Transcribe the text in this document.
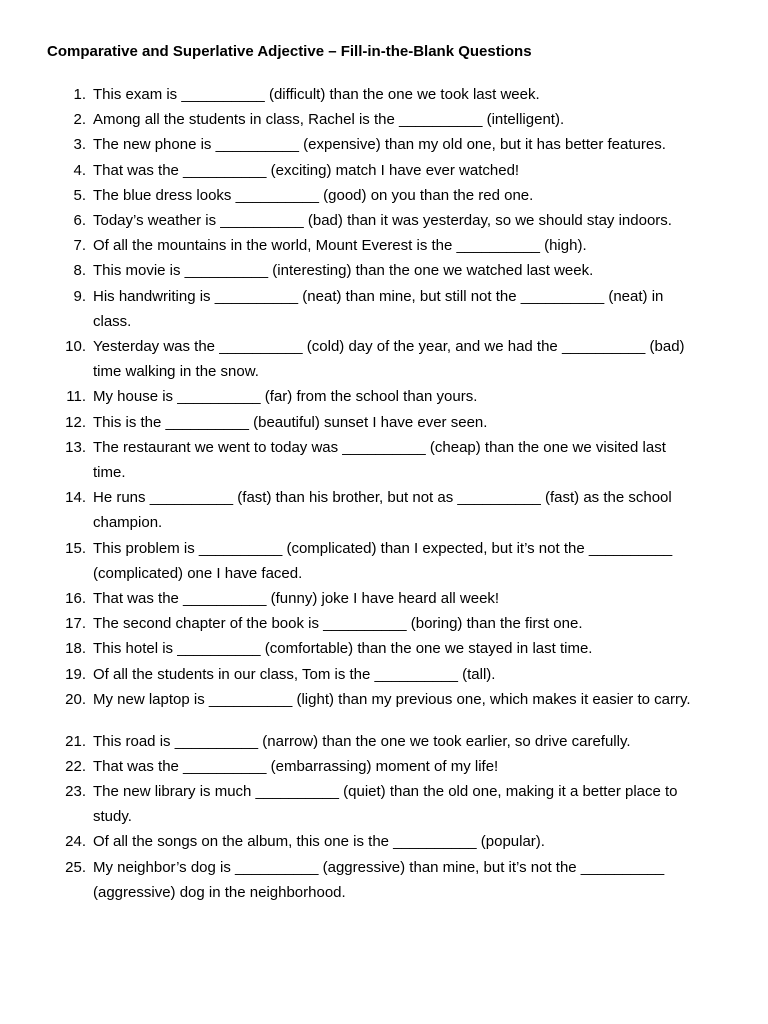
Comparative and Superlative Adjective – Fill-in-the-Blank Questions
1. This exam is __________ (difficult) than the one we took last week.
2. Among all the students in class, Rachel is the __________ (intelligent).
3. The new phone is __________ (expensive) than my old one, but it has better features.
4. That was the __________ (exciting) match I have ever watched!
5. The blue dress looks __________ (good) on you than the red one.
6. Today’s weather is __________ (bad) than it was yesterday, so we should stay indoors.
7. Of all the mountains in the world, Mount Everest is the __________ (high).
8. This movie is __________ (interesting) than the one we watched last week.
9. His handwriting is __________ (neat) than mine, but still not the __________ (neat) in
class.
10. Yesterday was the __________ (cold) day of the year, and we had the __________ (bad)
time walking in the snow.
11. My house is __________ (far) from the school than yours.
12. This is the __________ (beautiful) sunset I have ever seen.
13. The restaurant we went to today was __________ (cheap) than the one we visited last
time.
14. He runs __________ (fast) than his brother, but not as __________ (fast) as the school
champion.
15. This problem is __________ (complicated) than I expected, but it’s not the __________
(complicated) one I have faced.
16. That was the __________ (funny) joke I have heard all week!
17. The second chapter of the book is __________ (boring) than the first one.
18. This hotel is __________ (comfortable) than the one we stayed in last time.
19. Of all the students in our class, Tom is the __________ (tall).
20. My new laptop is __________ (light) than my previous one, which makes it easier to carry.
21. This road is __________ (narrow) than the one we took earlier, so drive carefully.
22. That was the __________ (embarrassing) moment of my life!
23. The new library is much __________ (quiet) than the old one, making it a better place to
study.
24. Of all the songs on the album, this one is the __________ (popular).
25. My neighbor’s dog is __________ (aggressive) than mine, but it’s not the __________
(aggressive) dog in the neighborhood.
